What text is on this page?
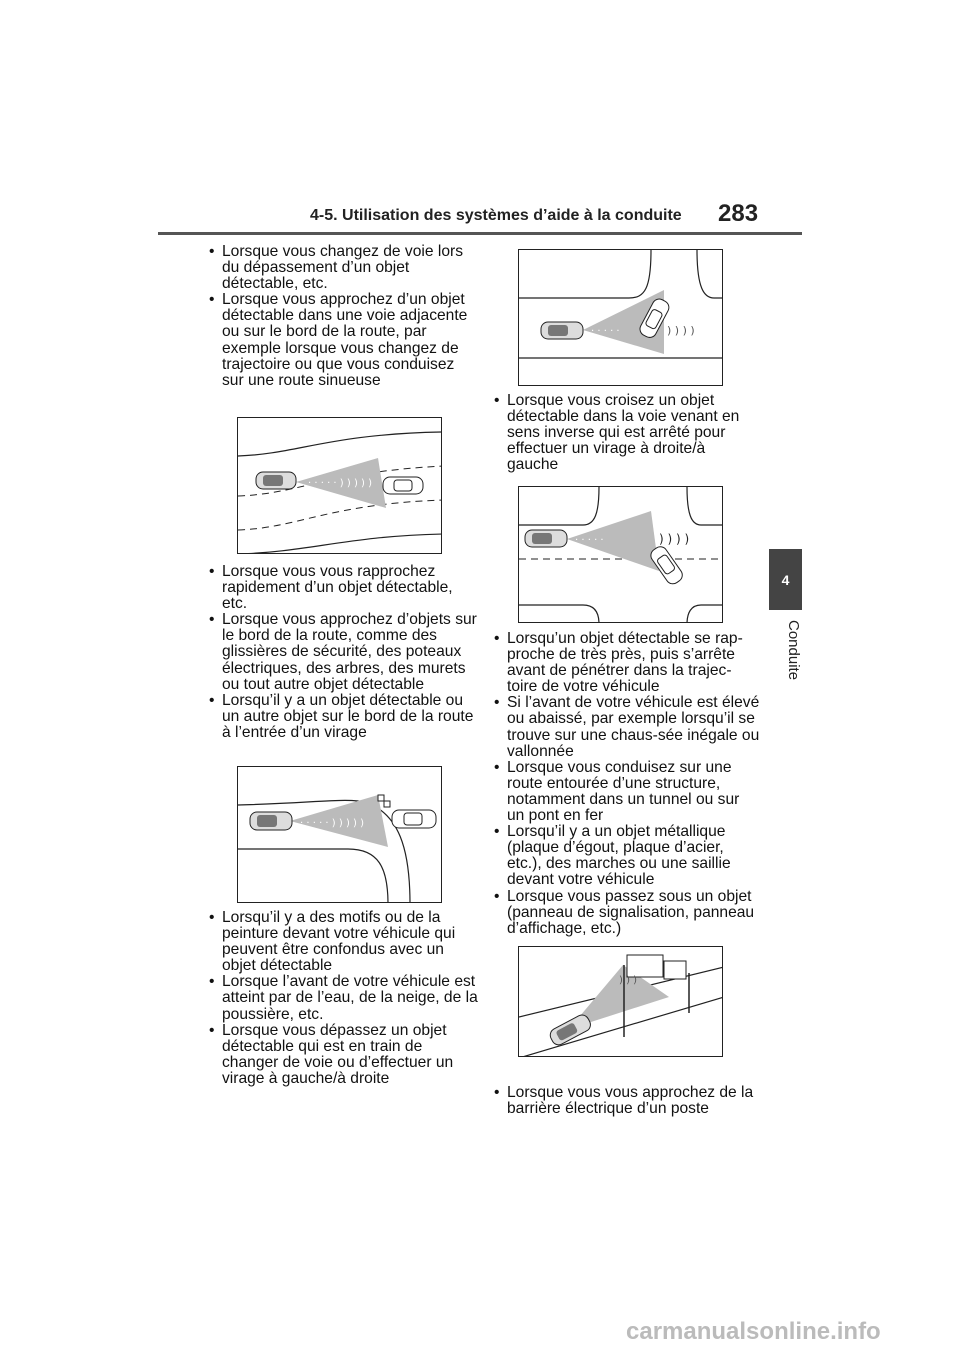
4-5. Utilisation des systèmes d’aide à la conduite 283
4
Conduite
• Lorsque vous changez de voie lors du dépassement d’un objet détectable, etc.
• Lorsque vous approchez d’un objet détectable dans une voie adjacente ou sur le bord de la route, par exemple lorsque vous changez de trajectoire ou que vous conduisez sur une route sinueuse
· · · · · ) ) ) ) )
• Lorsque vous vous rapprochez rapidement d’un objet détectable, etc.
• Lorsque vous approchez d’objets sur le bord de la route, comme des glissières de sécurité, des poteaux électriques, des arbres, des murets ou tout autre objet détectable
• Lorsqu’il y a un objet détectable ou un autre objet sur le bord de la route à l’entrée d’un virage
· · · · · ) ) ) ) )
• Lorsqu’il y a des motifs ou de la peinture devant votre véhicule qui peuvent être confondus avec un objet détectable
• Lorsque l’avant de votre véhicule est atteint par de l’eau, de la neige, de la poussière, etc.
• Lorsque vous dépassez un objet détectable qui est en train de changer de voie ou d’effectuer un virage à gauche/à droite
· · · · ·	) ) ) )
• Lorsque vous croisez un objet détectable dans la voie venant en sens inverse qui est arrêté pour effectuer un virage à droite/à gauche
· · · · ·	) ) ) )
• Lorsqu’un objet détectable se rap-proche de très près, puis s’arrête avant de pénétrer dans la trajec-toire de votre véhicule
• Si l’avant de votre véhicule est élevé ou abaissé, par exemple lorsqu’il se trouve sur une chaus-sée inégale ou vallonnée
• Lorsque vous conduisez sur une route entourée d’une structure, notamment dans un tunnel ou sur un pont en fer
• Lorsqu’il y a un objet métallique (plaque d’égout, plaque d’acier, etc.), des marches ou une saillie devant votre véhicule
• Lorsque vous passez sous un objet (panneau de signalisation, panneau d’affichage, etc.)
) ) )
• Lorsque vous vous approchez de la barrière électrique d’un poste
carmanualsonline.info
